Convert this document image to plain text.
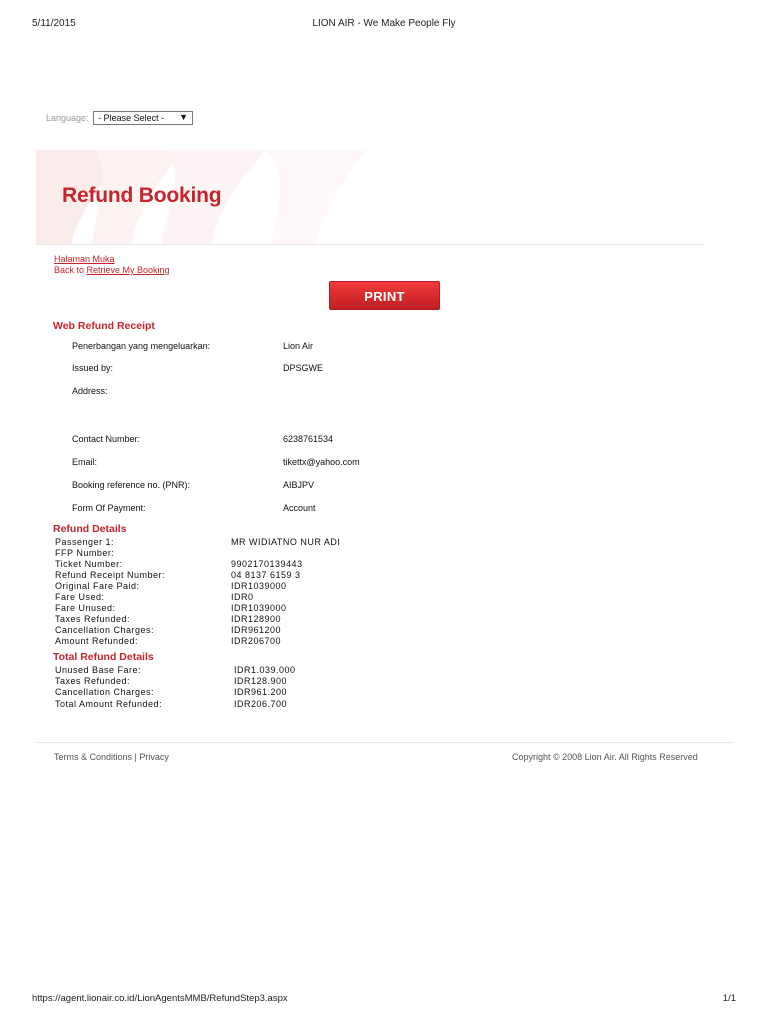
5/11/2015	LION AIR - We Make People Fly
Language: - Please Select - ▼
Refund Booking
Halaman Muka
Back to Retrieve My Booking
PRINT
Web Refund Receipt
Penerbangan yang mengeluarkan:	Lion Air
Issued by:	DPSGWE
Address:
Contact Number:	6238761534
Email:	tikettx@yahoo.com
Booking reference no. (PNR):	AIBJPV
Form Of Payment:	Account
Refund Details
Passenger 1:	MR WIDIATNO NUR ADI
FFP Number:
Ticket Number:	9902170139443
Refund Receipt Number:	04 8137 6159 3
Original Fare Paid:	IDR1039000
Fare Used:	IDR0
Fare Unused:	IDR1039000
Taxes Refunded:	IDR128900
Cancellation Charges:	IDR961200
Amount Refunded:	IDR206700
Total Refund Details
Unused Base Fare:	IDR1.039.000
Taxes Refunded:	IDR128.900
Cancellation Charges:	IDR961.200
Total Amount Refunded:	IDR206.700
Terms & Conditions | Privacy	Copyright © 2008 Lion Air. All Rights Reserved
https://agent.lionair.co.id/LionAgentsMMB/RefundStep3.aspx	1/1
